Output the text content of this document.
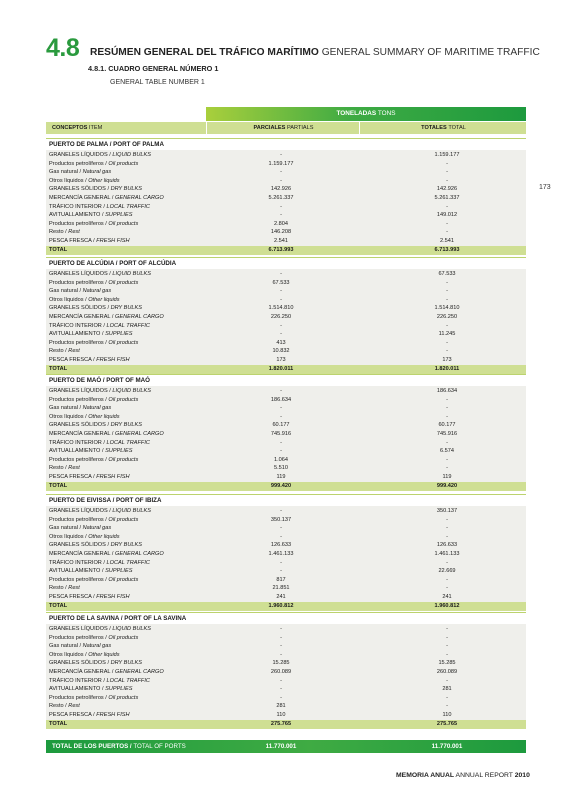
4.8 RESÚMEN GENERAL DEL TRÁFICO MARÍTIMO GENERAL SUMMARY OF MARITIME TRAFFIC
4.8.1. CUADRO GENERAL NÚMERO 1
GENERAL TABLE NUMBER 1
173
TONELADAS TONS
CONCEPTOS ITEM	PARCIALES PARTIALS	TOTALES TOTAL
PUERTO DE PALMA / PORT OF PALMA
GRANELES LÍQUIDOS / LIQUID BULKS	-	1.159.177
Productos petrolíferos / Oil products	1.159.177	-
Gas natural / Natural gas	-	-
Otros líquidos / Other liquids	-	-
GRANELES SÓLIDOS / DRY BULKS	142.926	142.926
MERCANCÍA GENERAL / GENERAL CARGO	5.261.337	5.261.337
TRÁFICO INTERIOR / LOCAL TRAFFIC	-	-
AVITUALLAMIENTO / SUPPLIES	-	149.012
Productos petrolíferos / Oil products	2.804	-
Resto / Rest	146.208	-
PESCA FRESCA / FRESH FISH	2.541	2.541
TOTAL	6.713.993	6.713.993
PUERTO DE ALCÚDIA / PORT OF ALCÚDIA
GRANELES LÍQUIDOS / LIQUID BULKS	-	67.533
Productos petrolíferos / Oil products	67.533	-
Gas natural / Natural gas	-	-
Otros líquidos / Other liquids	-	-
GRANELES SÓLIDOS / DRY BULKS	1.514.810	1.514.810
MERCANCÍA GENERAL / GENERAL CARGO	226.250	226.250
TRÁFICO INTERIOR / LOCAL TRAFFIC	-	-
AVITUALLAMIENTO / SUPPLIES	-	11.245
Productos petrolíferos / Oil products	413	-
Resto / Rest	10.832	-
PESCA FRESCA / FRESH FISH	173	173
TOTAL	1.820.011	1.820.011
PUERTO DE MAÓ / PORT OF MAÓ
GRANELES LÍQUIDOS / LIQUID BULKS	-	186.634
Productos petrolíferos / Oil products	186.634	-
Gas natural / Natural gas	-	-
Otros líquidos / Other liquids	-	-
GRANELES SÓLIDOS / DRY BULKS	60.177	60.177
MERCANCÍA GENERAL / GENERAL CARGO	745.916	745.916
TRÁFICO INTERIOR / LOCAL TRAFFIC	-	-
AVITUALLAMIENTO / SUPPLIES	-	6.574
Productos petrolíferos / Oil products	1.064	-
Resto / Rest	5.510	-
PESCA FRESCA / FRESH FISH	119	119
TOTAL	999.420	999.420
PUERTO DE EIVISSA / PORT OF IBIZA
GRANELES LÍQUIDOS / LIQUID BULKS	-	350.137
Productos petrolíferos / Oil products	350.137	-
Gas natural / Natural gas	-	-
Otros líquidos / Other liquids	-	-
GRANELES SÓLIDOS / DRY BULKS	126.633	126.633
MERCANCÍA GENERAL / GENERAL CARGO	1.461.133	1.461.133
TRÁFICO INTERIOR / LOCAL TRAFFIC	-	-
AVITUALLAMIENTO / SUPPLIES	-	22.669
Productos petrolíferos / Oil products	817	-
Resto / Rest	21.851	-
PESCA FRESCA / FRESH FISH	241	241
TOTAL	1.960.812	1.960.812
PUERTO DE LA SAVINA / PORT OF LA SAVINA
GRANELES LÍQUIDOS / LIQUID BULKS	-	-
Productos petrolíferos / Oil products	-	-
Gas natural / Natural gas	-	-
Otros líquidos / Other liquids	-	-
GRANELES SÓLIDOS / DRY BULKS	15.285	15.285
MERCANCÍA GENERAL / GENERAL CARGO	260.089	260.089
TRÁFICO INTERIOR / LOCAL TRAFFIC	-	-
AVITUALLAMIENTO / SUPPLIES	-	281
Productos petrolíferos / Oil products	-	-
Resto / Rest	281	-
PESCA FRESCA / FRESH FISH	110	110
TOTAL	275.765	275.765
TOTAL DE LOS PUERTOS / TOTAL OF PORTS	11.770.001	11.770.001
MEMORIA ANUAL ANNUAL REPORT 2010
